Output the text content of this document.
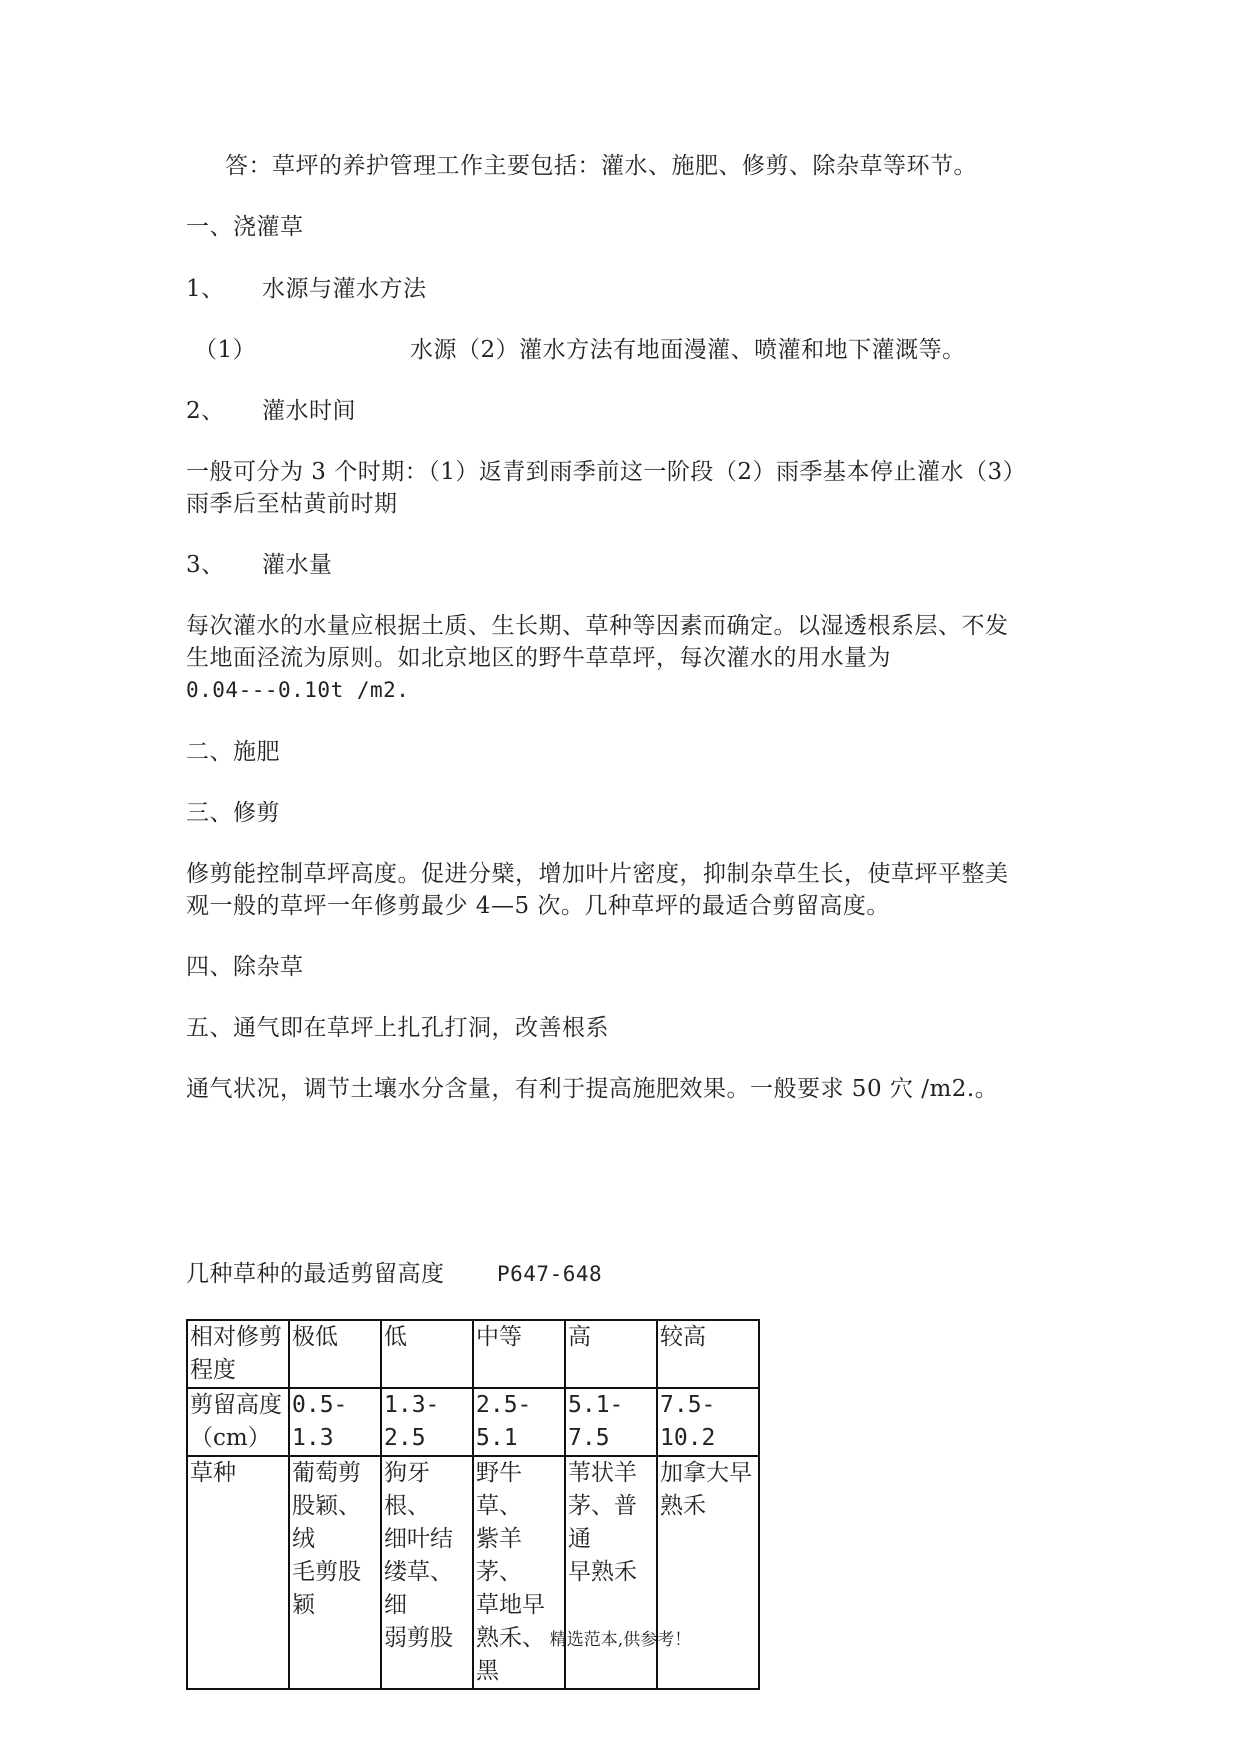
答：草坪的养护管理工作主要包括：灌水、施肥、修剪、除杂草等环节。
一、浇灌草
1、 水源与灌水方法
（1）	水源（2）灌水方法有地面漫灌、喷灌和地下灌溉等。
2、 灌水时间
一般可分为 3 个时期：（1）返青到雨季前这一阶段（2）雨季基本停止灌水（3）
雨季后至枯黄前时期
3、 灌水量
每次灌水的水量应根据土质、生长期、草种等因素而确定。以湿透根系层、不发
生地面泾流为原则。如北京地区的野牛草草坪，每次灌水的用水量为
0.04---0.10t /m2.
二、施肥
三、修剪
修剪能控制草坪高度。促进分檗，增加叶片密度，抑制杂草生长，使草坪平整美
观一般的草坪一年修剪最少 4—5 次。几种草坪的最适合剪留高度。
四、除杂草
五、通气即在草坪上扎孔打洞，改善根系
通气状况，调节土壤水分含量，有利于提高施肥效果。一般要求 50 穴 /m2.。
几种草种的最适剪留高度	P647-648
相对修剪
程度	极低	低	中等	高	较高
剪留高度
（cm）	0.5-1.3	1.3-2.5	2.5-5.1	5.1-7.5	7.5-10.2
草种	葡萄剪
股颖、绒
毛剪股
颖	狗牙根、
细叶结
缕草、细
弱剪股	野牛草、
紫羊茅、
草地早
熟禾、黑	苇状羊
茅、普通
早熟禾	加拿大早
熟禾
精选范本,供参考！
